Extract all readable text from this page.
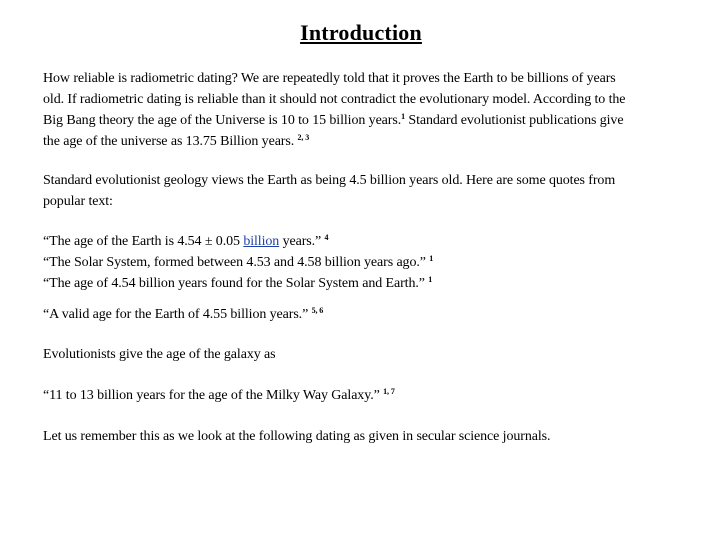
Introduction
How reliable is radiometric dating? We are repeatedly told that it proves the Earth to be billions of years
old. If radiometric dating is reliable than it should not contradict the evolutionary model. According to the
Big Bang theory the age of the Universe is 10 to 15 billion years.$^1$ Standard evolutionist publications give
the age of the universe as 13.75 Billion years. $^{2, 3}$
Standard evolutionist geology views the Earth as being 4.5 billion years old. Here are some quotes from
popular text:
“The age of the Earth is 4.54 ± 0.05 billion years.” $^4$
“The Solar System, formed between 4.53 and 4.58 billion years ago.” $^1$
“The age of 4.54 billion years found for the Solar System and Earth.” $^1$
“A valid age for the Earth of 4.55 billion years.” $^{5, 6}$
Evolutionists give the age of the galaxy as
“11 to 13 billion years for the age of the Milky Way Galaxy.” $^{1, 7}$
Let us remember this as we look at the following dating as given in secular science journals.
